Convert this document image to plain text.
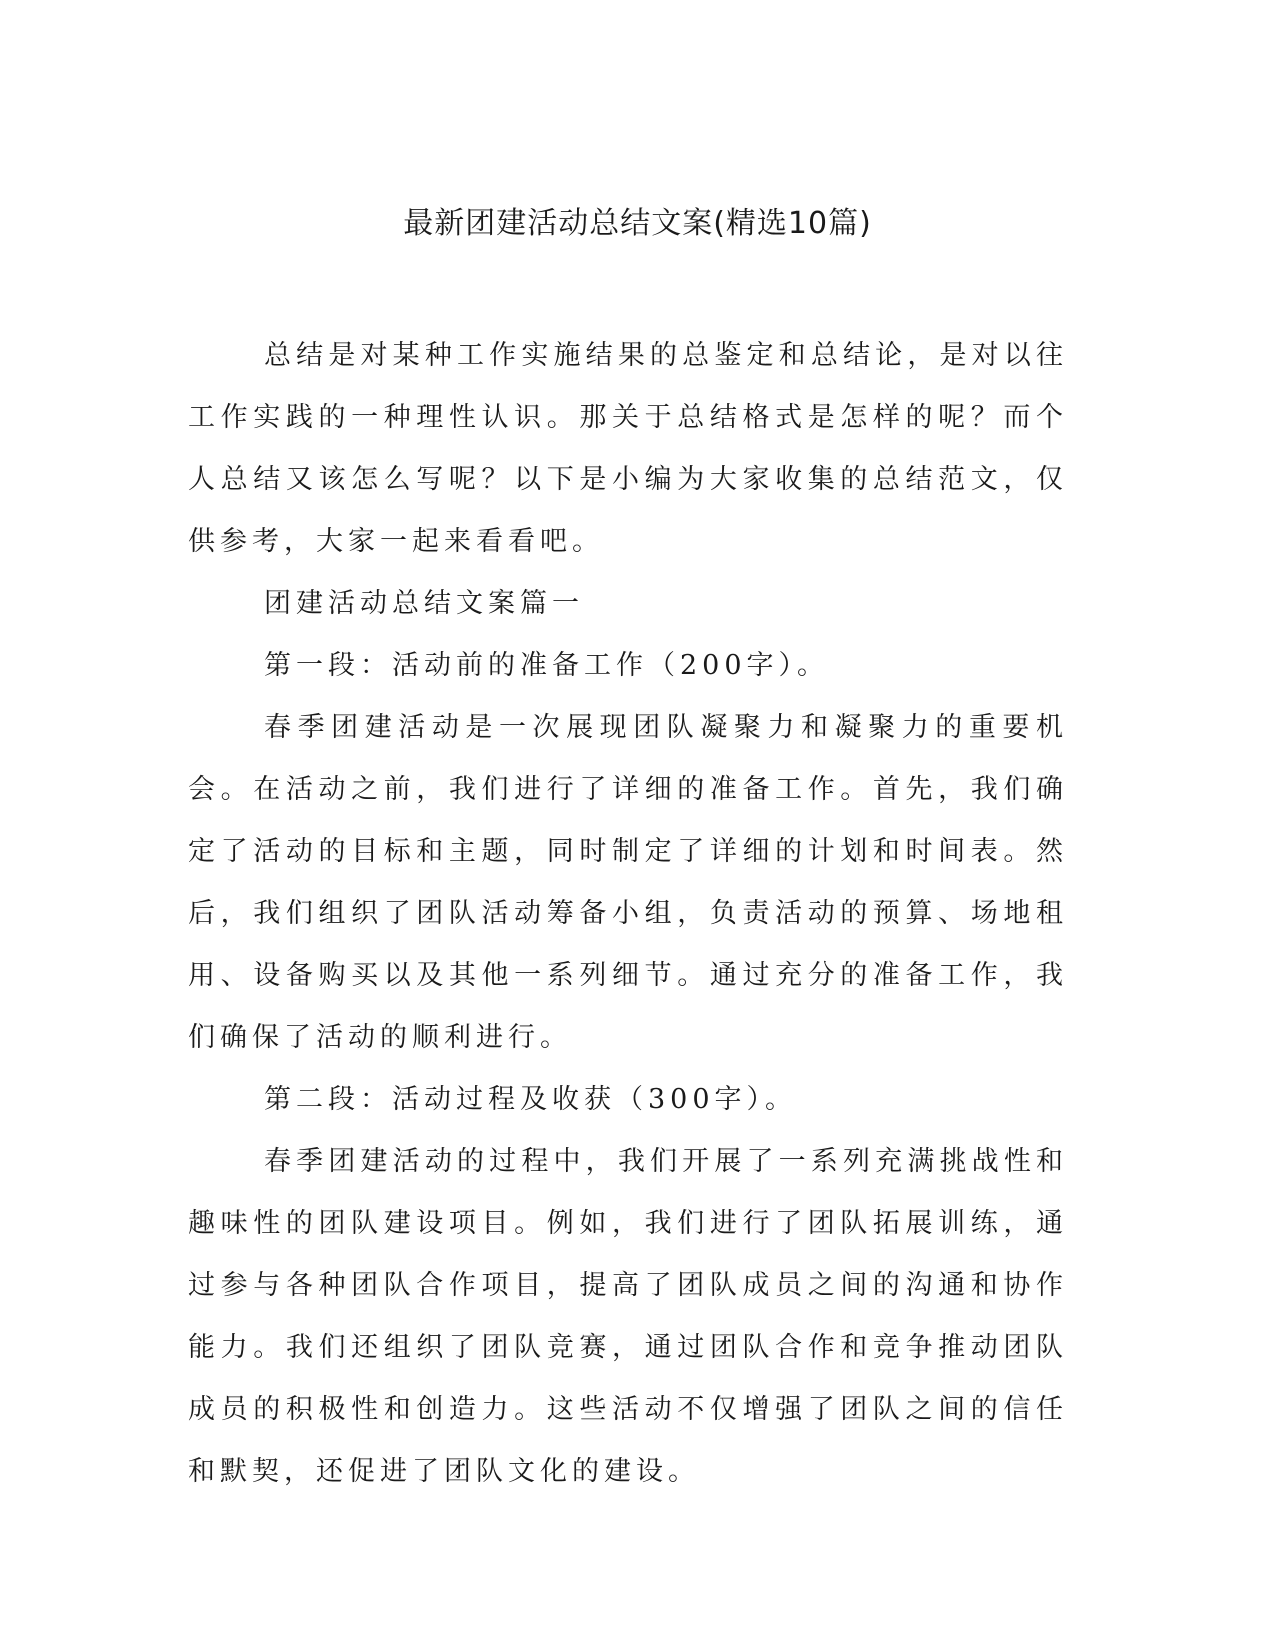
最新团建活动总结文案(精选10篇)

总结是对某种工作实施结果的总鉴定和总结论，是对以往工作实践的一种理性认识。那关于总结格式是怎样的呢？而个人总结又该怎么写呢？以下是小编为大家收集的总结范文，仅供参考，大家一起来看看吧。

团建活动总结文案篇一

第一段：活动前的准备工作（200字）。

春季团建活动是一次展现团队凝聚力和凝聚力的重要机会。在活动之前，我们进行了详细的准备工作。首先，我们确定了活动的目标和主题，同时制定了详细的计划和时间表。然后，我们组织了团队活动筹备小组，负责活动的预算、场地租用、设备购买以及其他一系列细节。通过充分的准备工作，我们确保了活动的顺利进行。

第二段：活动过程及收获（300字）。

春季团建活动的过程中，我们开展了一系列充满挑战性和趣味性的团队建设项目。例如，我们进行了团队拓展训练，通过参与各种团队合作项目，提高了团队成员之间的沟通和协作能力。我们还组织了团队竞赛，通过团队合作和竞争推动团队成员的积极性和创造力。这些活动不仅增强了团队之间的信任和默契，还促进了团队文化的建设。
